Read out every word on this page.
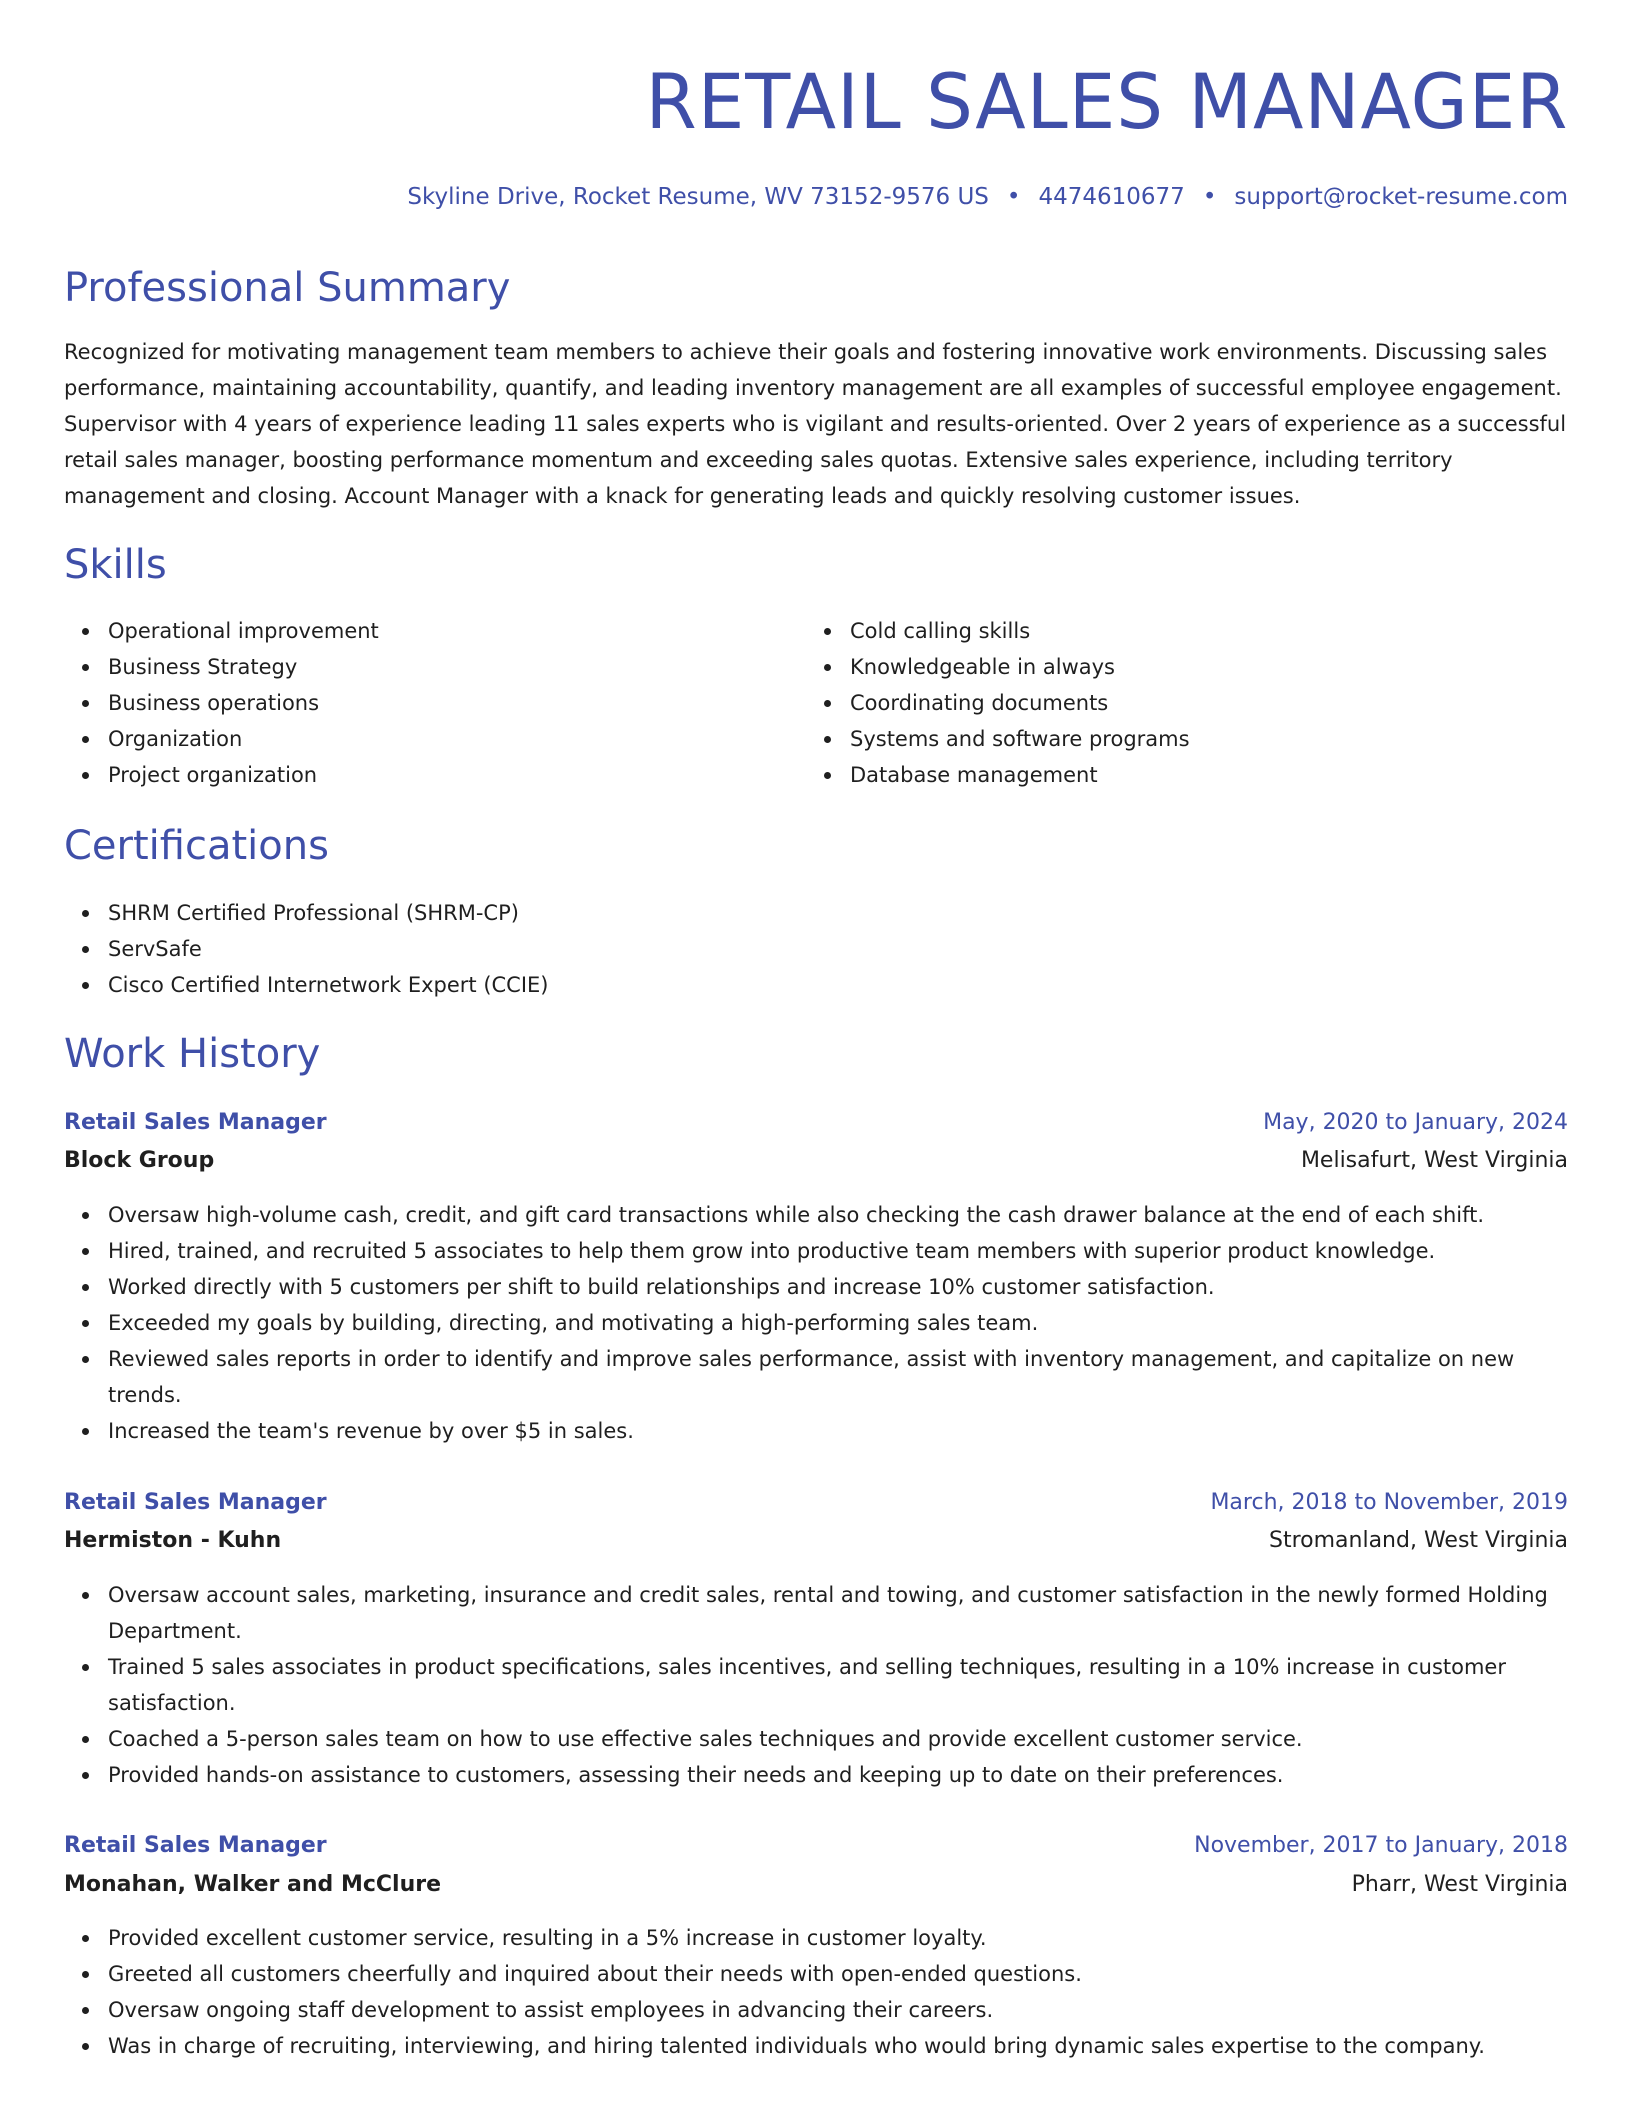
RETAIL SALES MANAGER
Skyline Drive, Rocket Resume, WV 73152-9576 US • 4474610677 • support@rocket-resume.com
Professional Summary

Recognized for motivating management team members to achieve their goals and fostering innovative work environments. Discussing sales performance, maintaining accountability, quantify, and leading inventory management are all examples of successful employee engagement. Supervisor with 4 years of experience leading 11 sales experts who is vigilant and results-oriented. Over 2 years of experience as a successful retail sales manager, boosting performance momentum and exceeding sales quotas. Extensive sales experience, including territory management and closing. Account Manager with a knack for generating leads and quickly resolving customer issues.

Skills
Operational improvement
Business Strategy
Business operations
Organization
Project organization
Cold calling skills
Knowledgeable in always
Coordinating documents
Systems and software programs
Database management
Certifications
SHRM Certified Professional (SHRM-CP)
ServSafe
Cisco Certified Internetwork Expert (CCIE)
Work History
Retail Sales Manager	May, 2020 to January, 2024
Block Group	Melisafurt, West Virginia
Oversaw high-volume cash, credit, and gift card transactions while also checking the cash drawer balance at the end of each shift.
Hired, trained, and recruited 5 associates to help them grow into productive team members with superior product knowledge.
Worked directly with 5 customers per shift to build relationships and increase 10% customer satisfaction.
Exceeded my goals by building, directing, and motivating a high-performing sales team.
Reviewed sales reports in order to identify and improve sales performance, assist with inventory management, and capitalize on new trends.
Increased the team's revenue by over $5 in sales.
Retail Sales Manager	March, 2018 to November, 2019
Hermiston - Kuhn	Stromanland, West Virginia
Oversaw account sales, marketing, insurance and credit sales, rental and towing, and customer satisfaction in the newly formed Holding Department.
Trained 5 sales associates in product specifications, sales incentives, and selling techniques, resulting in a 10% increase in customer satisfaction.
Coached a 5-person sales team on how to use effective sales techniques and provide excellent customer service.
Provided hands-on assistance to customers, assessing their needs and keeping up to date on their preferences.
Retail Sales Manager	November, 2017 to January, 2018
Monahan, Walker and McClure	Pharr, West Virginia
Provided excellent customer service, resulting in a 5% increase in customer loyalty.
Greeted all customers cheerfully and inquired about their needs with open-ended questions.
Oversaw ongoing staff development to assist employees in advancing their careers.
Was in charge of recruiting, interviewing, and hiring talented individuals who would bring dynamic sales expertise to the company.
